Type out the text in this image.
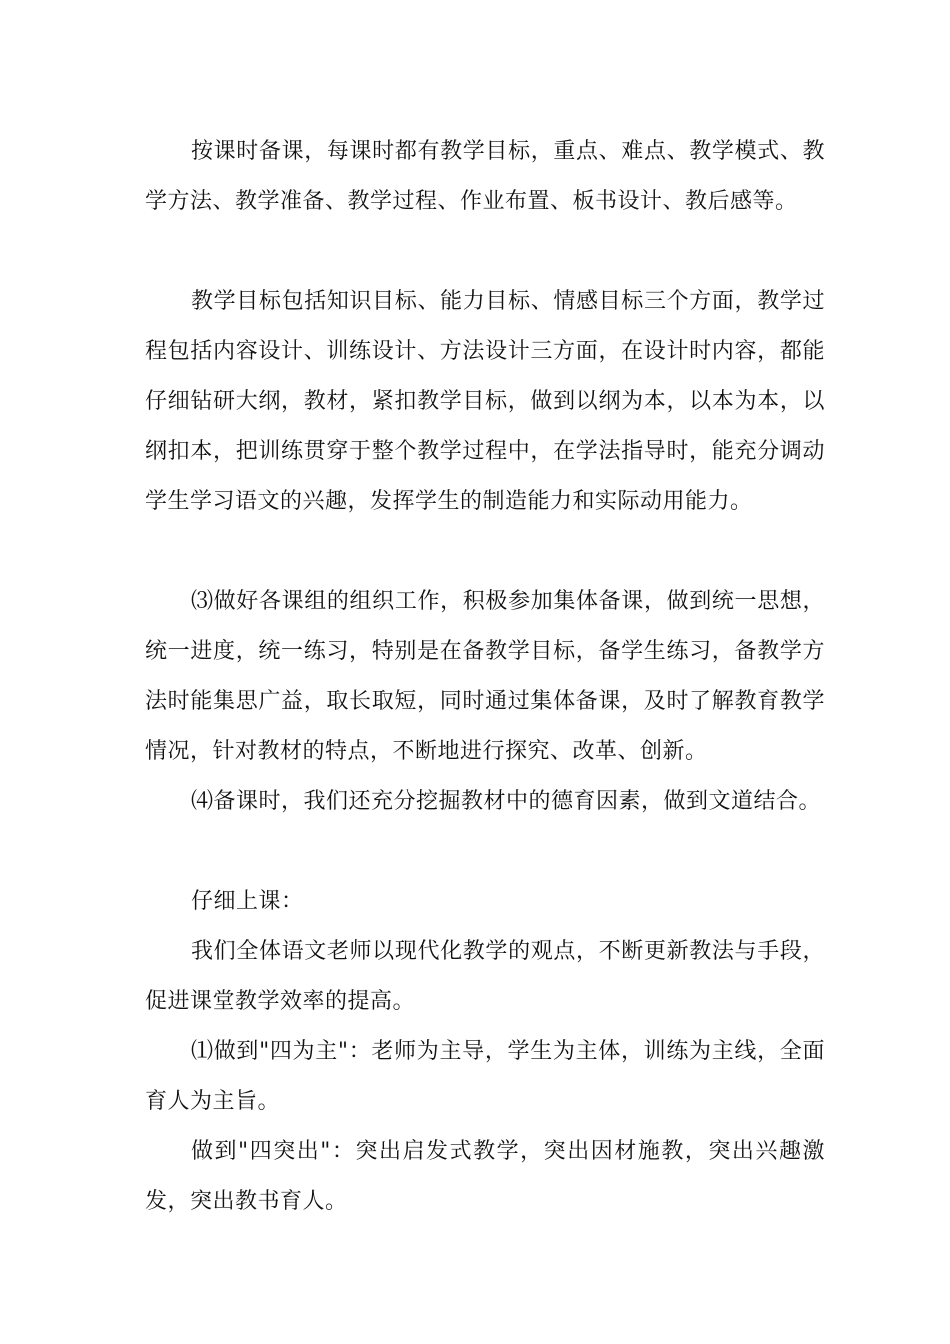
按课时备课，每课时都有教学目标，重点、难点、教学模式、教学方法、教学准备、教学过程、作业布置、板书设计、教后感等。

教学目标包括知识目标、能力目标、情感目标三个方面，教学过程包括内容设计、训练设计、方法设计三方面，在设计时内容，都能仔细钻研大纲，教材，紧扣教学目标，做到以纲为本，以本为本，以纲扣本，把训练贯穿于整个教学过程中，在学法指导时，能充分调动学生学习语文的兴趣，发挥学生的制造能力和实际动用能力。

⑶做好各课组的组织工作，积极参加集体备课，做到统一思想，统一进度，统一练习，特别是在备教学目标，备学生练习，备教学方法时能集思广益，取长取短，同时通过集体备课，及时了解教育教学情况，针对教材的特点，不断地进行探究、改革、创新。

⑷备课时，我们还充分挖掘教材中的德育因素，做到文道结合。

仔细上课：

我们全体语文老师以现代化教学的观点，不断更新教法与手段，促进课堂教学效率的提高。

⑴做到"四为主"：老师为主导，学生为主体，训练为主线，全面育人为主旨。

做到"四突出"：突出启发式教学，突出因材施教，突出兴趣激发，突出教书育人。
